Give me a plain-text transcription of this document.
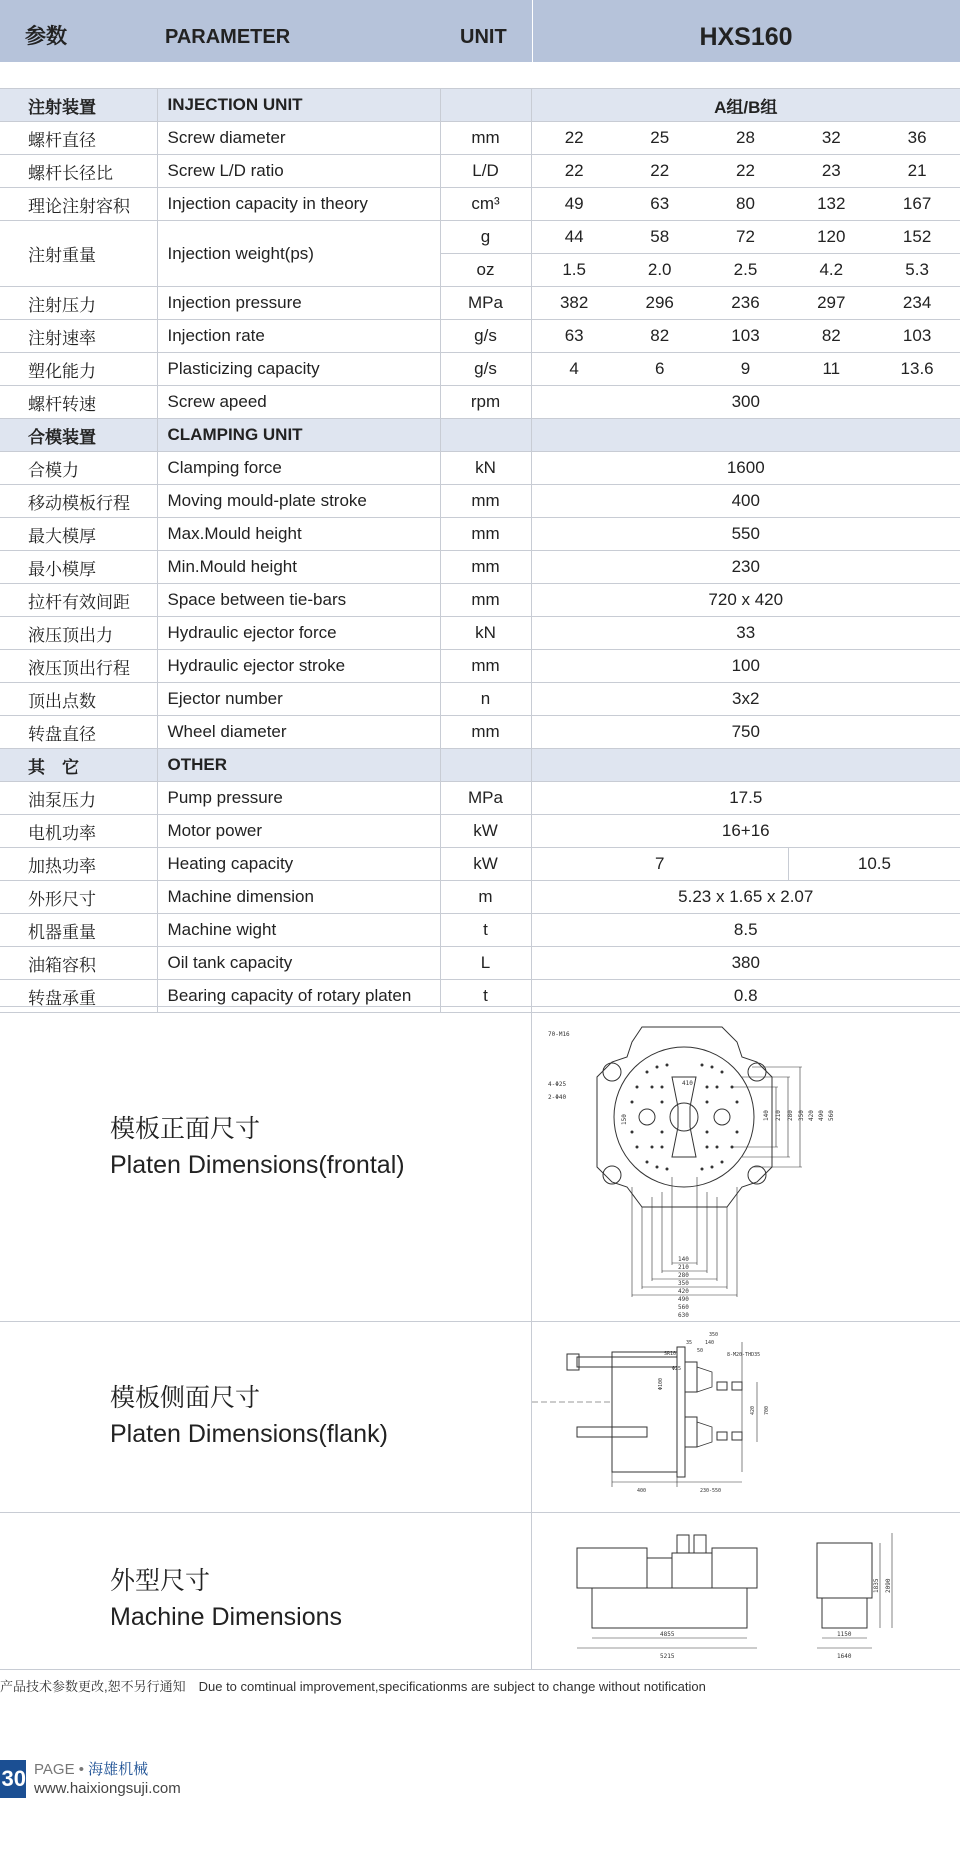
参数	PARAMETER	UNIT	HXS160

注射装置	INJECTION UNIT		A组/B组				
螺杆直径	Screw diameter	mm	22	25	28	32	36
螺杆长径比	Screw L/D ratio	L/D	22	22	22	23	21
理论注射容积	Injection capacity in theory	cm³	49	63	80	132	167
注射重量	Injection weight(ps)	g	44	58	72	120	152
		oz	1.5	2.0	2.5	4.2	5.3
注射压力	Injection pressure	MPa	382	296	236	297	234
注射速率	Injection rate	g/s	63	82	103	82	103
塑化能力	Plasticizing capacity	g/s	4	6	9	11	13.6
螺杆转速	Screw apeed	rpm	300				
合模装置	CLAMPING UNIT						
合模力	Clamping force	kN	1600				
移动模板行程	Moving mould-plate stroke	mm	400				
最大模厚	Max.Mould height	mm	550				
最小模厚	Min.Mould height	mm	230				
拉杆有效间距	Space between tie-bars	mm	720 x 420				
液压顶出力	Hydraulic ejector force	kN	33				
液压顶出行程	Hydraulic ejector stroke	mm	100				
顶出点数	Ejector number	n	3x2				
转盘直径	Wheel diameter	mm	750				
其　它	OTHER						
油泵压力	Pump pressure	MPa	17.5				
电机功率	Motor power	kW	16+16				
加热功率	Heating capacity	kW	7			10.5	
外形尺寸	Machine dimension	m	5.23 x 1.65 x 2.07				
机器重量	Machine wight	t	8.5				
油箱容积	Oil tank capacity	L	380				
转盘承重	Bearing capacity of rotary platen	t	0.8				
模板正面尺寸
Platen Dimensions(frontal)
70-M16
4-Φ25
2-Φ40
140
210
280
350
420
490
560
630
140 210 280 350 420 490 560
150
410
模板侧面尺寸
Platen Dimensions(flank)
350
140
35
50
SR10
Φ25
8-M20-THD35
Φ100
420 700
400	230-550
外型尺寸
Machine Dimensions
4855
5215
1150
1640
1835 2090
产品技术参数更改,恕不另行通知　Due to comtinual improvement,specificationms are subject to change without notification
30 PAGE • 海雄机械
www.haixiongsuji.com
